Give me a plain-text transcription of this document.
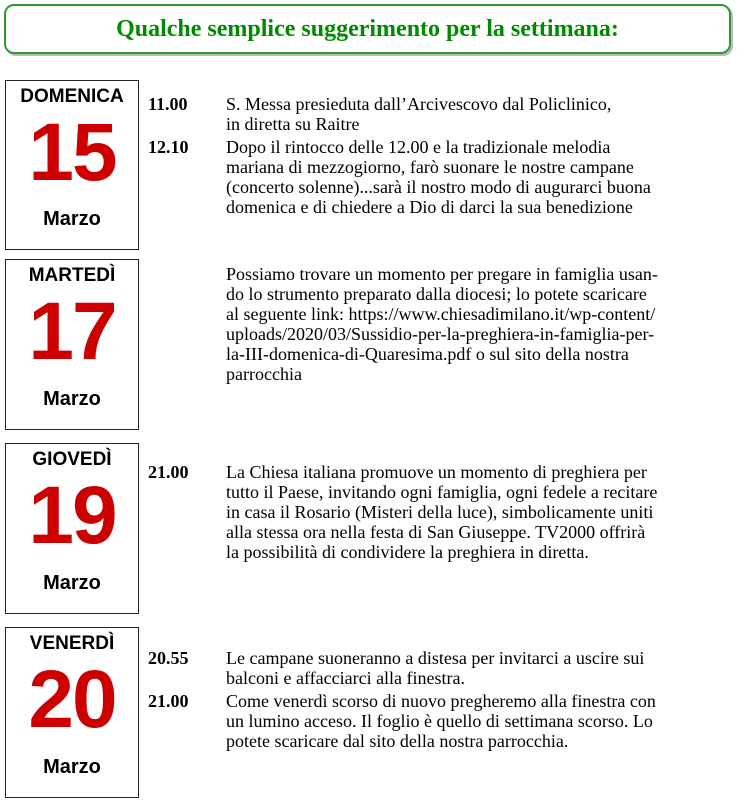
Qualche semplice suggerimento per la settimana:
DOMENICA
15
Marzo
11.00	S. Messa presieduta dall’Arcivescovo dal Policlinico,
in diretta su Raitre
12.10	Dopo il rintocco delle 12.00 e la tradizionale melodia
mariana di mezzogiorno, farò suonare le nostre campane
(concerto solenne)...sarà il nostro modo di augurarci buona
domenica e di chiedere a Dio di darci la sua benedizione
MARTEDÌ
17
Marzo
Possiamo trovare un momento per pregare in famiglia usan-
do lo strumento preparato dalla diocesi; lo potete scaricare
al seguente link: https://www.chiesadimilano.it/wp-content/
uploads/2020/03/Sussidio-per-la-preghiera-in-famiglia-per-
la-III-domenica-di-Quaresima.pdf o sul sito della nostra
parrocchia
GIOVEDÌ
19
Marzo
21.00	La Chiesa italiana promuove un momento di preghiera per
tutto il Paese, invitando ogni famiglia, ogni fedele a recitare
in casa il Rosario (Misteri della luce), simbolicamente uniti
alla stessa ora nella festa di San Giuseppe. TV2000 offrirà
la possibilità di condividere la preghiera in diretta.
VENERDÌ
20
Marzo
20.55	Le campane suoneranno a distesa per invitarci a uscire sui
balconi e affacciarci alla finestra.
21.00	Come venerdì scorso di nuovo pregheremo alla finestra con
un lumino acceso. Il foglio è quello di settimana scorso. Lo
potete scaricare dal sito della nostra parrocchia.
